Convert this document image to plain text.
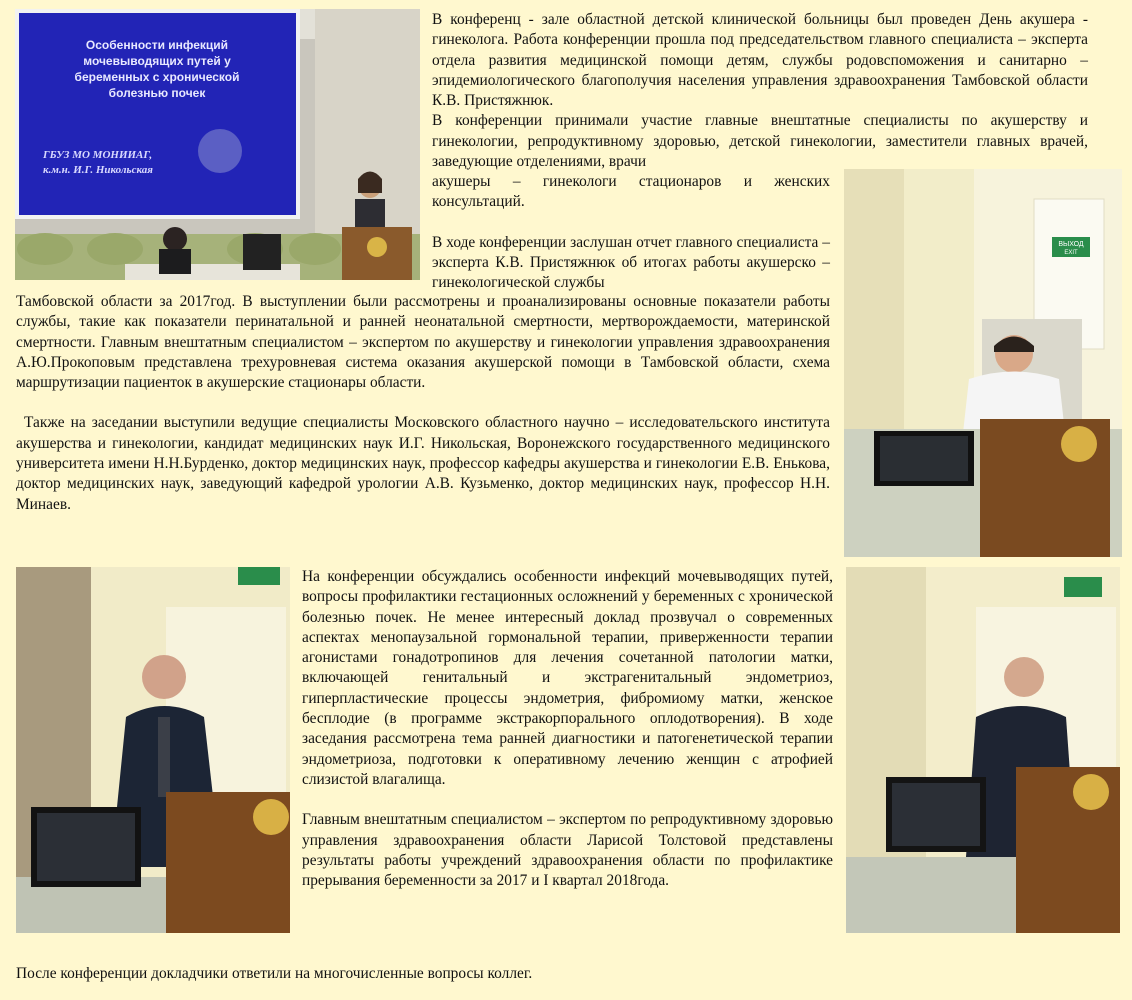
Особенности инфекций
мочевыводящих путей у
беременных с хронической
болезнью почек
ГБУЗ МО МОНИИАГ,
к.м.н. И.Г. Никольская
ВЫХОД
EXIT

В конференц - зале областной детской клинической больницы был проведен День акушера - гинеколога. Работа конференции прошла под председательством главного специалиста – эксперта отдела развития медицинской помощи детям, службы родовспоможения и санитарно – эпидемиологического благополучия населения управления здравоохранения Тамбовской области К.В. Пристяжнюк.

В конференции принимали участие главные внештатные специалисты по акушерству и гинекологии, репродуктивному здоровью, детской гинекологии, заместители главных врачей, заведующие отделениями, врачи

акушеры – гинекологи стационаров и женских консультаций.

В ходе конференции заслушан отчет главного специалиста – эксперта К.В. Пристяжнюк об итогах работы акушерско – гинекологической службы

Тамбовской области за 2017год. В выступлении были рассмотрены и проанализированы основные показатели работы службы, такие как показатели перинатальной и ранней неонатальной смертности, мертворождаемости, материнской смертности. Главным внештатным специалистом – экспертом по акушерству и гинекологии управления здравоохранения А.Ю.Прокоповым представлена трехуровневая система оказания акушерской помощи в Тамбовской области, схема маршрутизации пациенток в акушерские стационары области.

Также на заседании выступили ведущие специалисты Московского областного научно – исследовательского института акушерства и гинекологии, кандидат медицинских наук И.Г. Никольская, Воронежского государственного медицинского университета имени Н.Н.Бурденко, доктор медицинских наук, профессор кафедры акушерства и гинекологии Е.В. Енькова, доктор медицинских наук, заведующий кафедрой урологии А.В. Кузьменко, доктор медицинских наук, профессор Н.Н. Минаев.

На конференции обсуждались особенности инфекций мочевыводящих путей, вопросы профилактики гестационных осложнений у беременных с хронической болезнью почек. Не менее интересный доклад прозвучал о современных аспектах менопаузальной гормональной терапии, приверженности терапии агонистами гонадотропинов для лечения сочетанной патологии матки, включающей генитальный и экстрагенитальный эндометриоз, гиперпластические процессы эндометрия, фибромиому матки, женское бесплодие (в программе экстракорпорального оплодотворения). В ходе заседания рассмотрена тема ранней диагностики и патогенетической терапии эндометриоза, подготовки к оперативному лечению женщин с атрофией слизистой влагалища.

Главным внештатным специалистом – экспертом по репродуктивному здоровью управления здравоохранения области Ларисой Толстовой представлены результаты работы учреждений здравоохранения области по профилактике прерывания беременности за 2017 и I квартал 2018года.

После конференции докладчики ответили на многочисленные вопросы коллег.
